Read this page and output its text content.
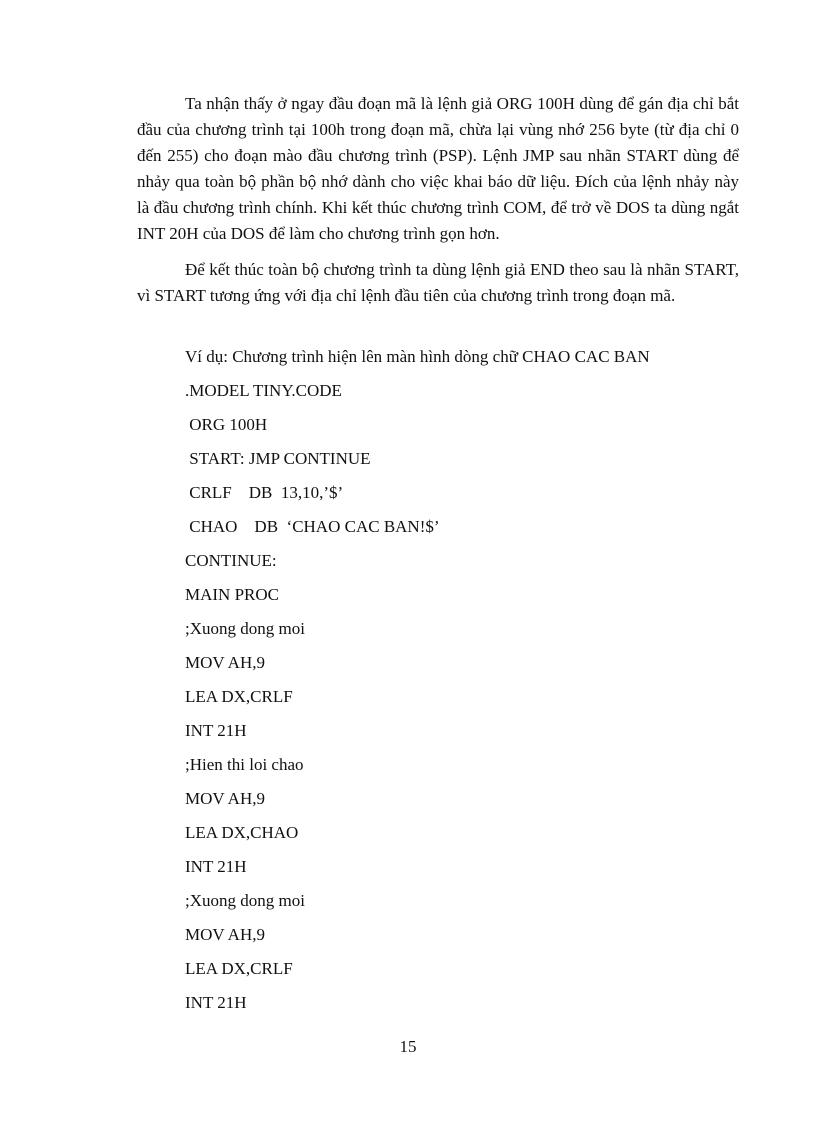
Ta nhận thấy ở ngay đầu đoạn mã là lệnh giả ORG 100H dùng để gán địa chỉ bắt đầu của chương trình tại 100h trong đoạn mã, chừa lại vùng nhớ 256 byte (từ địa chỉ 0 đến 255) cho đoạn mào đầu chương trình (PSP). Lệnh JMP sau nhãn START dùng để nhảy qua toàn bộ phần bộ nhớ dành cho việc khai báo dữ liệu. Đích của lệnh nhảy này là đầu chương trình chính. Khi kết thúc chương trình COM, để trở về DOS ta dùng ngắt INT 20H của DOS để làm cho chương trình gọn hơn.

Để kết thúc toàn bộ chương trình ta dùng lệnh giả END theo sau là nhãn START, vì START tương ứng với địa chỉ lệnh đầu tiên của chương trình trong đoạn mã.

Ví dụ: Chương trình hiện lên màn hình dòng chữ CHAO CAC BAN
.MODEL TINY.CODE
ORG 100H
START: JMP CONTINUE
CRLF    DB  13,10,’$’
CHAO    DB  ‘CHAO CAC BAN!$’
CONTINUE:
MAIN PROC
;Xuong dong moi
MOV AH,9
LEA DX,CRLF
INT 21H
;Hien thi loi chao
MOV AH,9
LEA DX,CHAO
INT 21H
;Xuong dong moi
MOV AH,9
LEA DX,CRLF
INT 21H
15
